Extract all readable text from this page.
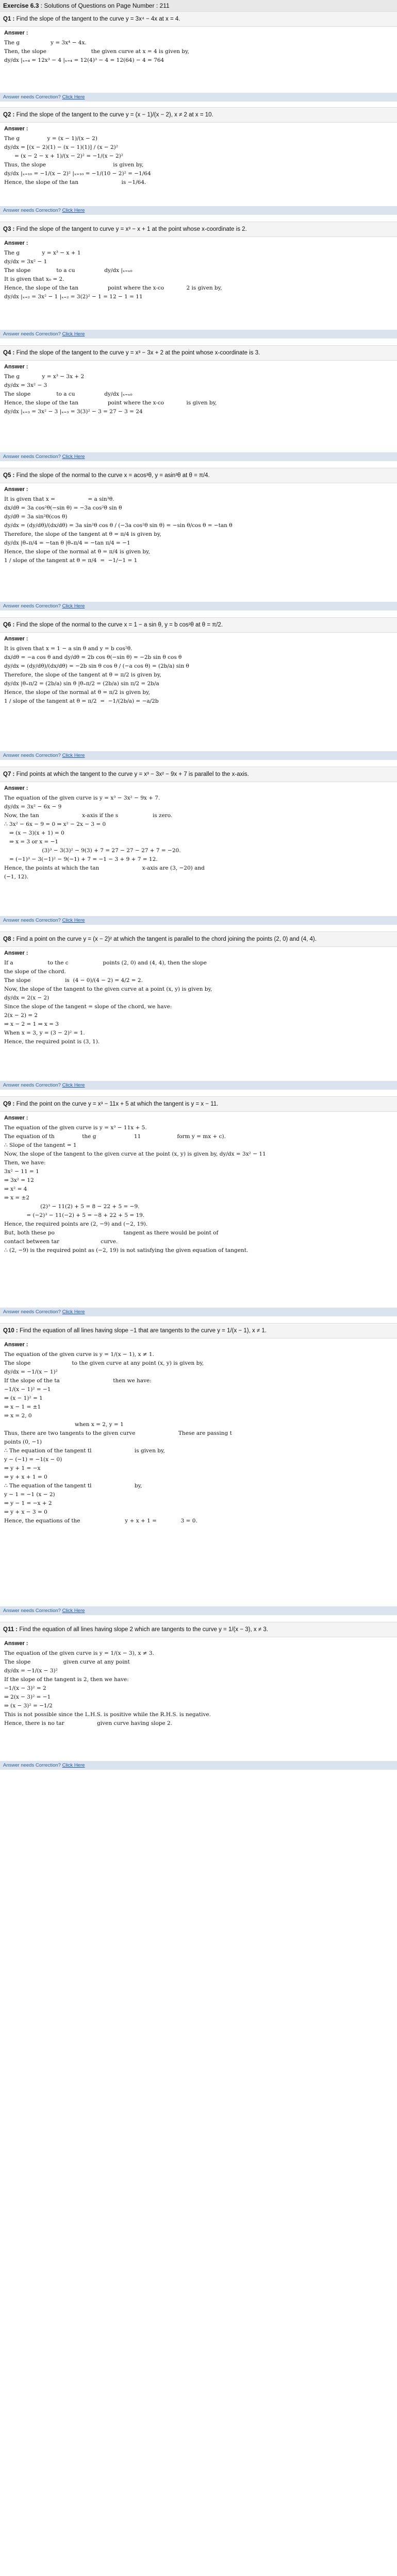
Exercise 6.3 : Solutions of Questions on Page Number : 211
Q1 : Find the slope of the tangent to the curve y = 3x⁴ − 4x at x = 4.
Answer :
The g                  y = 3x⁴ − 4x.
Then, the slope                          the given curve at x = 4 is given by,
dy/dx |ₓ₌₄ = 12x³ − 4 |ₓ₌₄ = 12(4)³ − 4 = 12(64) − 4 = 764
Q2 : Find the slope of the tangent to the curve y = (x − 1)/(x − 2), x ≠ 2 at x = 10.
Answer :
The g                y = (x − 1)/(x − 2)
dy/dx = [(x − 2)(1) − (x − 1)(1)] / (x − 2)²
= (x − 2 − x + 1)/(x − 2)² = −1/(x − 2)²
Thus, the slope                                       is given by,
dy/dx |ₓ₌₁₀ = −1/(x − 2)² |ₓ₌₁₀ = −1/(10 − 2)² = −1/64
Hence, the slope of the tan                         is −1/64.
Q3 : Find the slope of the tangent to curve y = x³ − x + 1 at the point whose x-coordinate is 2.
Answer :
The g             y = x³ − x + 1
dy/dx = 3x² − 1
The slope               to a cu                 dy/dx |ₓ₌ₓ₀
It is given that x₀ = 2.
Hence, the slope of the tan                 point where the x-co             2 is given by,
dy/dx |ₓ₌₂ = 3x² − 1 |ₓ₌₂ = 3(2)² − 1 = 12 − 1 = 11
Q4 : Find the slope of the tangent to the curve y = x³ − 3x + 2 at the point whose x-coordinate is 3.
Answer :
The g             y = x³ − 3x + 2
dy/dx = 3x² − 3
The slope               to a cu                 dy/dx |ₓ₌ₓ₀
Hence, the slope of the tan                 point where the x-co             is given by,
dy/dx |ₓ₌₃ = 3x² − 3 |ₓ₌₃ = 3(3)² − 3 = 27 − 3 = 24
Q5 : Find the slope of the normal to the curve x = acos³θ, y = asin³θ at θ = π/4.
Answer :
It is given that x =                   = a sin³θ.
dx/dθ = 3a cos²θ(−sin θ) = −3a cos²θ sin θ
dy/dθ = 3a sin²θ(cos θ)
dy/dx = (dy/dθ)/(dx/dθ) = 3a sin²θ cos θ / (−3a cos²θ sin θ) = −sin θ/cos θ = −tan θ
Therefore, the slope of the tangent at θ = π/4 is given by,
dy/dx |θ₌π/4 = −tan θ |θ₌π/4 = −tan π/4 = −1
Hence, the slope of the normal at θ = π/4 is given by,
1 / slope of the tangent at θ = π/4  =  −1/−1 = 1
Q6 : Find the slope of the normal to the curve x = 1 − a sin θ, y = b cos²θ at θ = π/2.
Answer :
It is given that x = 1 − a sin θ and y = b cos²θ.
dx/dθ = −a cos θ and dy/dθ = 2b cos θ(−sin θ) = −2b sin θ cos θ
dy/dx = (dy/dθ)/(dx/dθ) = −2b sin θ cos θ / (−a cos θ) = (2b/a) sin θ
Therefore, the slope of the tangent at θ = π/2 is given by,
dy/dx |θ₌π/2 = (2b/a) sin θ |θ₌π/2 = (2b/a) sin π/2 = 2b/a
Hence, the slope of the normal at θ = π/2 is given by,
1 / slope of the tangent at θ = π/2  =  −1/(2b/a) = −a/2b
Q7 : Find points at which the tangent to the curve y = x³ − 3x² − 9x + 7 is parallel to the x-axis.
Answer :
The equation of the given curve is y = x³ − 3x² − 9x + 7.
dy/dx = 3x² − 6x − 9
Now, the tan                         x-axis if the s                    is zero.
∴ 3x² − 6x − 9 = 0 ⇒ x² − 2x − 3 = 0
⇒ (x − 3)(x + 1) = 0
⇒ x = 3 or x = −1
(3)³ − 3(3)² − 9(3) + 7 = 27 − 27 − 27 + 7 = −20.
= (−1)³ − 3(−1)² − 9(−1) + 7 = −1 − 3 + 9 + 7 = 12.
Hence, the points at which the tan                         x-axis are (3, −20) and
(−1, 12).
Q8 : Find a point on the curve y = (x − 2)² at which the tangent is parallel to the chord joining the points (2, 0) and (4, 4).
Answer :
If a                    to the c                    points (2, 0) and (4, 4), then the slope
the slope of the chord.
The slope                    is  (4 − 0)/(4 − 2) = 4/2 = 2.
Now, the slope of the tangent to the given curve at a point (x, y) is given by,
dy/dx = 2(x − 2)
Since the slope of the tangent = slope of the chord, we have:
2(x − 2) = 2
⇒ x − 2 = 1 ⇒ x = 3
When x = 3, y = (3 − 2)² = 1.
Hence, the required point is (3, 1).
Q9 : Find the point on the curve y = x³ − 11x + 5 at which the tangent is y = x − 11.
Answer :
The equation of the given curve is y = x³ − 11x + 5.
The equation of th                the g                      11                     form y = mx + c).
∴ Slope of the tangent = 1
Now, the slope of the tangent to the given curve at the point (x, y) is given by, dy/dx = 3x² − 11
Then, we have:
3x² − 11 = 1
⇒ 3x² = 12
⇒ x² = 4
⇒ x = ±2
(2)³ − 11(2) + 5 = 8 − 22 + 5 = −9.
= (−2)³ − 11(−2) + 5 = −8 + 22 + 5 = 19.
Hence, the required points are (2, −9) and (−2, 19).
But, both these po                                        tangent as there would be point of
contact between tar                        curve.
∴ (2, −9) is the required point as (−2, 19) is not satisfying the given equation of tangent.
Q10 : Find the equation of all lines having slope −1 that are tangents to the curve y = 1/(x − 1), x ≠ 1.
Answer :
The equation of the given curve is y = 1/(x − 1), x ≠ 1.
The slope                        to the given curve at any point (x, y) is given by,
dy/dx = −1/(x − 1)²
If the slope of the ta                               then we have:
−1/(x − 1)² = −1
⇒ (x − 1)² = 1
⇒ x − 1 = ±1
⇒ x = 2, 0
when x = 2, y = 1
Thus, there are two tangents to the given curve                         These are passing t
points (0, −1)
∴ The equation of the tangent tl                         is given by,
y − (−1) = −1(x − 0)
⇒ y + 1 = −x
⇒ y + x + 1 = 0
∴ The equation of the tangent tl                         by,
y − 1 = −1 (x − 2)
⇒ y − 1 = −x + 2
⇒ y + x − 3 = 0
Hence, the equations of the                          y + x + 1 =              3 = 0.
Q11 : Find the equation of all lines having slope 2 which are tangents to the curve y = 1/(x − 3), x ≠ 3.
Answer :
The equation of the given curve is y = 1/(x − 3), x ≠ 3.
The slope                   given curve at any point
dy/dx = −1/(x − 3)²
If the slope of the tangent is 2, then we have:
−1/(x − 3)² = 2
⇒ 2(x − 3)² = −1
⇒ (x − 3)² = −1/2
This is not possible since the L.H.S. is positive while the R.H.S. is negative.
Hence, there is no tar                   given curve having slope 2.
Answer needs Correction? Click Here
Answer needs Correction? Click Here
Answer needs Correction? Click Here
Answer needs Correction? Click Here
Answer needs Correction? Click Here
Answer needs Correction? Click Here
Answer needs Correction? Click Here
Answer needs Correction? Click Here
Answer needs Correction? Click Here
Answer needs Correction? Click Here
Answer needs Correction? Click Here
